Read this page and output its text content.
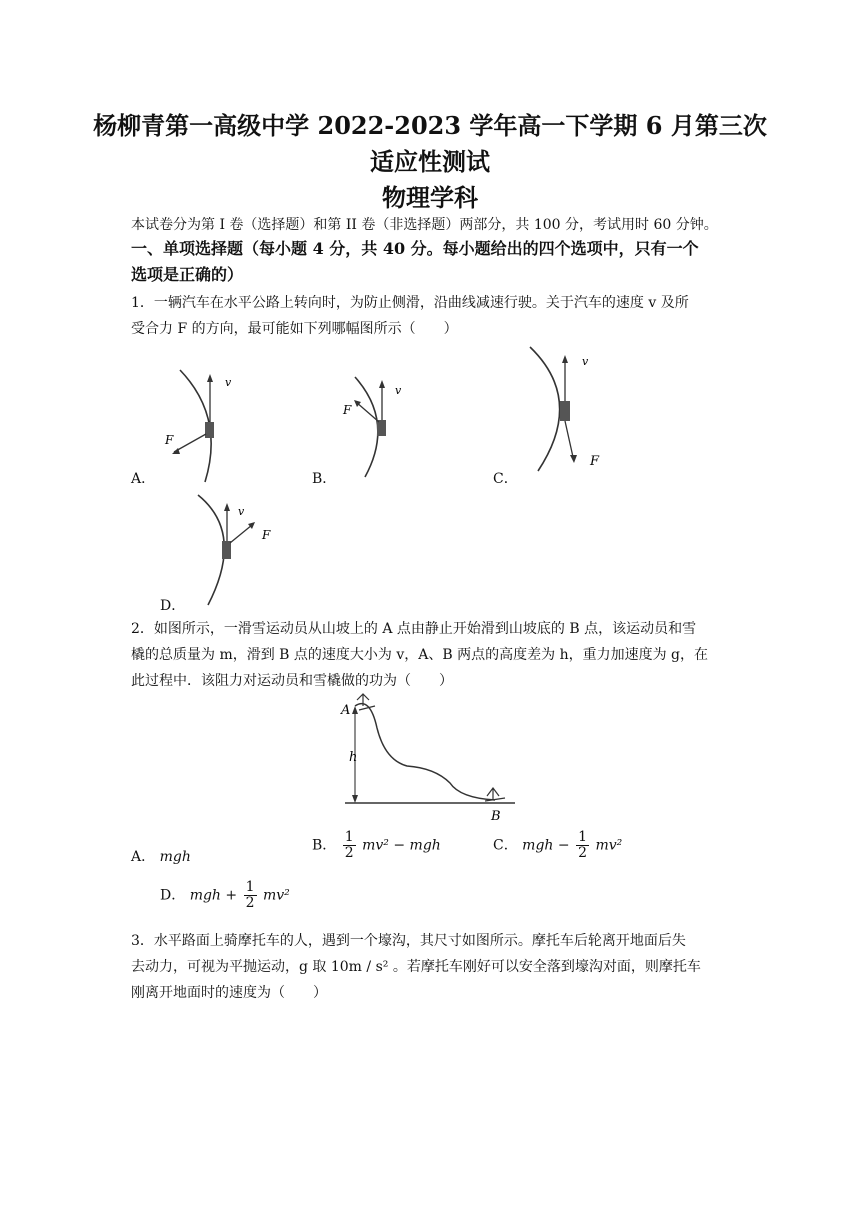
杨柳青第一高级中学 2022-2023 学年高一下学期 6 月第三次
适应性测试
物理学科
本试卷分为第 I 卷（选择题）和第 II 卷（非选择题）两部分，共 100 分，考试用时 60 分钟。
一、单项选择题（每小题 4 分，共 40 分。每小题给出的四个选项中，只有一个
选项是正确的）
1．一辆汽车在水平公路上转向时，为防止侧滑，沿曲线减速行驶。关于汽车的速度 v 及所
受合力 F 的方向，最可能如下列哪幅图所示（　　）
v
F
A．
v
F
B．
v
F
C．
v
F
D．
2．如图所示，一滑雪运动员从山坡上的 A 点由静止开始滑到山坡底的 B 点，该运动员和雪
橇的总质量为 m，滑到 B 点的速度大小为 v，A、B 两点的高度差为 h，重力加速度为 g，在
此过程中．该阻力对运动员和雪橇做的功为（　　）
A
h
B
A． mgh
B． $\frac{1}{2} mv^2$ − mgh	C． mgh − $\frac{1}{2} mv^2$
D． mgh + $\frac{1}{2} mv^2$
3．水平路面上骑摩托车的人，遇到一个壕沟，其尺寸如图所示。摩托车后轮离开地面后失
去动力，可视为平抛运动，g 取 10m / s² 。若摩托车刚好可以安全落到壕沟对面，则摩托车
刚离开地面时的速度为（　　）
